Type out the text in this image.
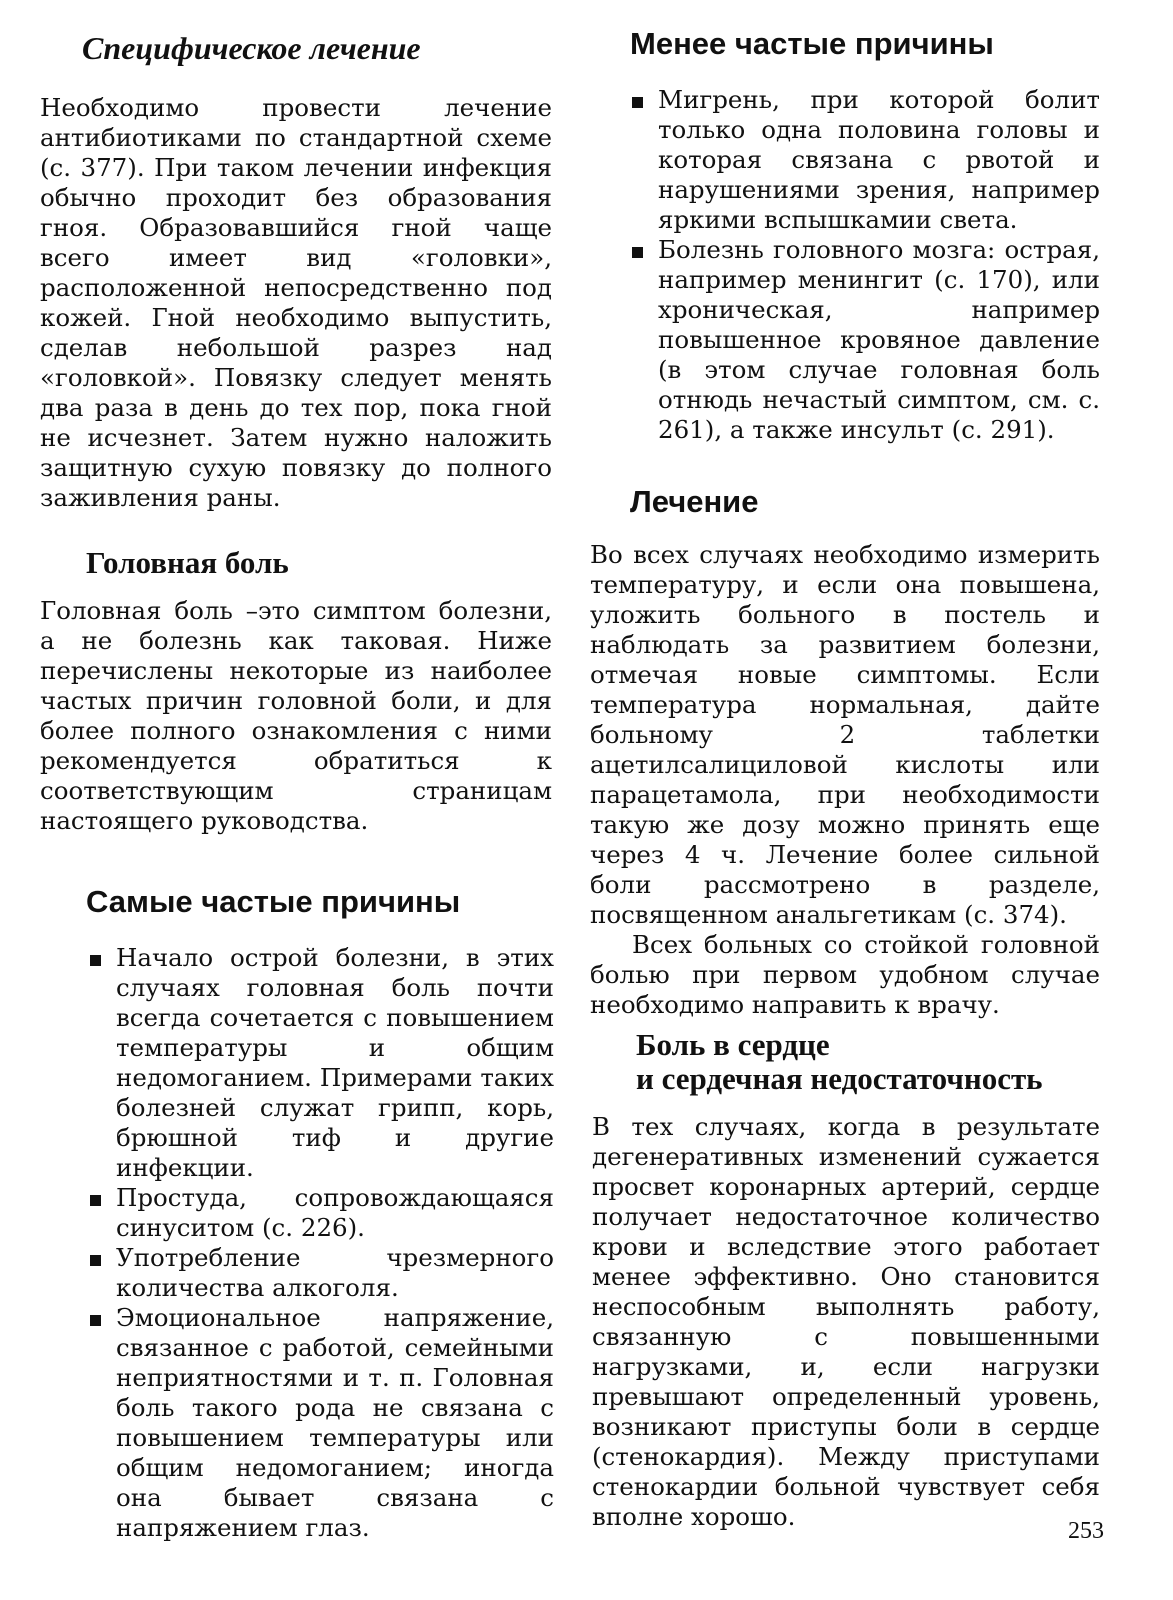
Специфическое лечение

Необходимо провести лечение антибиотиками по стандартной схеме (с. 377). При таком лечении инфекция обычно проходит без образования гноя. Образовавшийся гной чаще всего имеет вид «головки», расположенной непосредственно под кожей. Гной необходимо выпустить, сделав небольшой разрез над «головкой». Повязку следует менять два раза в день до тех пор, пока гной не исчезнет. Затем нужно наложить защитную сухую повязку до полного заживления раны.

Головная боль

Головная боль –это симптом болезни, а не болезнь как таковая. Ниже перечислены некоторые из наиболее частых причин головной боли, и для более полного ознакомления с ними рекомендуется обратиться к соответствующим страницам настоящего руководства.

Самые частые причины

Начало острой болезни, в этих случаях головная боль почти всегда сочетается с повышением температуры и общим недомоганием. Примерами таких болезней служат грипп, корь, брюшной тиф и другие инфекции.

Простуда, сопровождающаяся синуситом (с. 226).

Употребление чрезмерного количества алкоголя.

Эмоциональное напряжение, связанное с работой, семейными неприятностями и т. п. Головная боль такого рода не связана с повышением температуры или общим недомоганием; иногда она бывает связана с напряжением глаз.

Менее частые причины

Мигрень, при которой болит только одна половина головы и которая связана с рвотой и нарушениями зрения, например яркими вспышкамии света.

Болезнь головного мозга: острая, например менингит (с. 170), или хроническая, например повышенное кровяное давление (в этом случае головная боль отнюдь нечастый симптом, см. с. 261), а также инсульт (с. 291).

Лечение

Во всех случаях необходимо измерить температуру, и если она повышена, уложить больного в постель и наблюдать за развитием болезни, отмечая новые симптомы. Если температура нормальная, дайте больному 2 таблетки ацетилсалициловой кислоты или парацетамола, при необходимости такую же дозу можно принять еще через 4 ч. Лечение более сильной боли рассмотрено в разделе, посвященном анальгетикам (с. 374).

Всех больных со стойкой головной болью при первом удобном случае необходимо направить к врачу.

Боль в сердце
и сердечная недостаточность

В тех случаях, когда в результате дегенеративных изменений сужается просвет коронарных артерий, сердце получает недостаточное количество крови и вследствие этого работает менее эффективно. Оно становится неспособным выполнять работу, связанную с повышенными нагрузками, и, если нагрузки превышают определенный уровень, возникают приступы боли в сердце (стенокардия). Между приступами стенокардии больной чувствует себя вполне хорошо.	253
